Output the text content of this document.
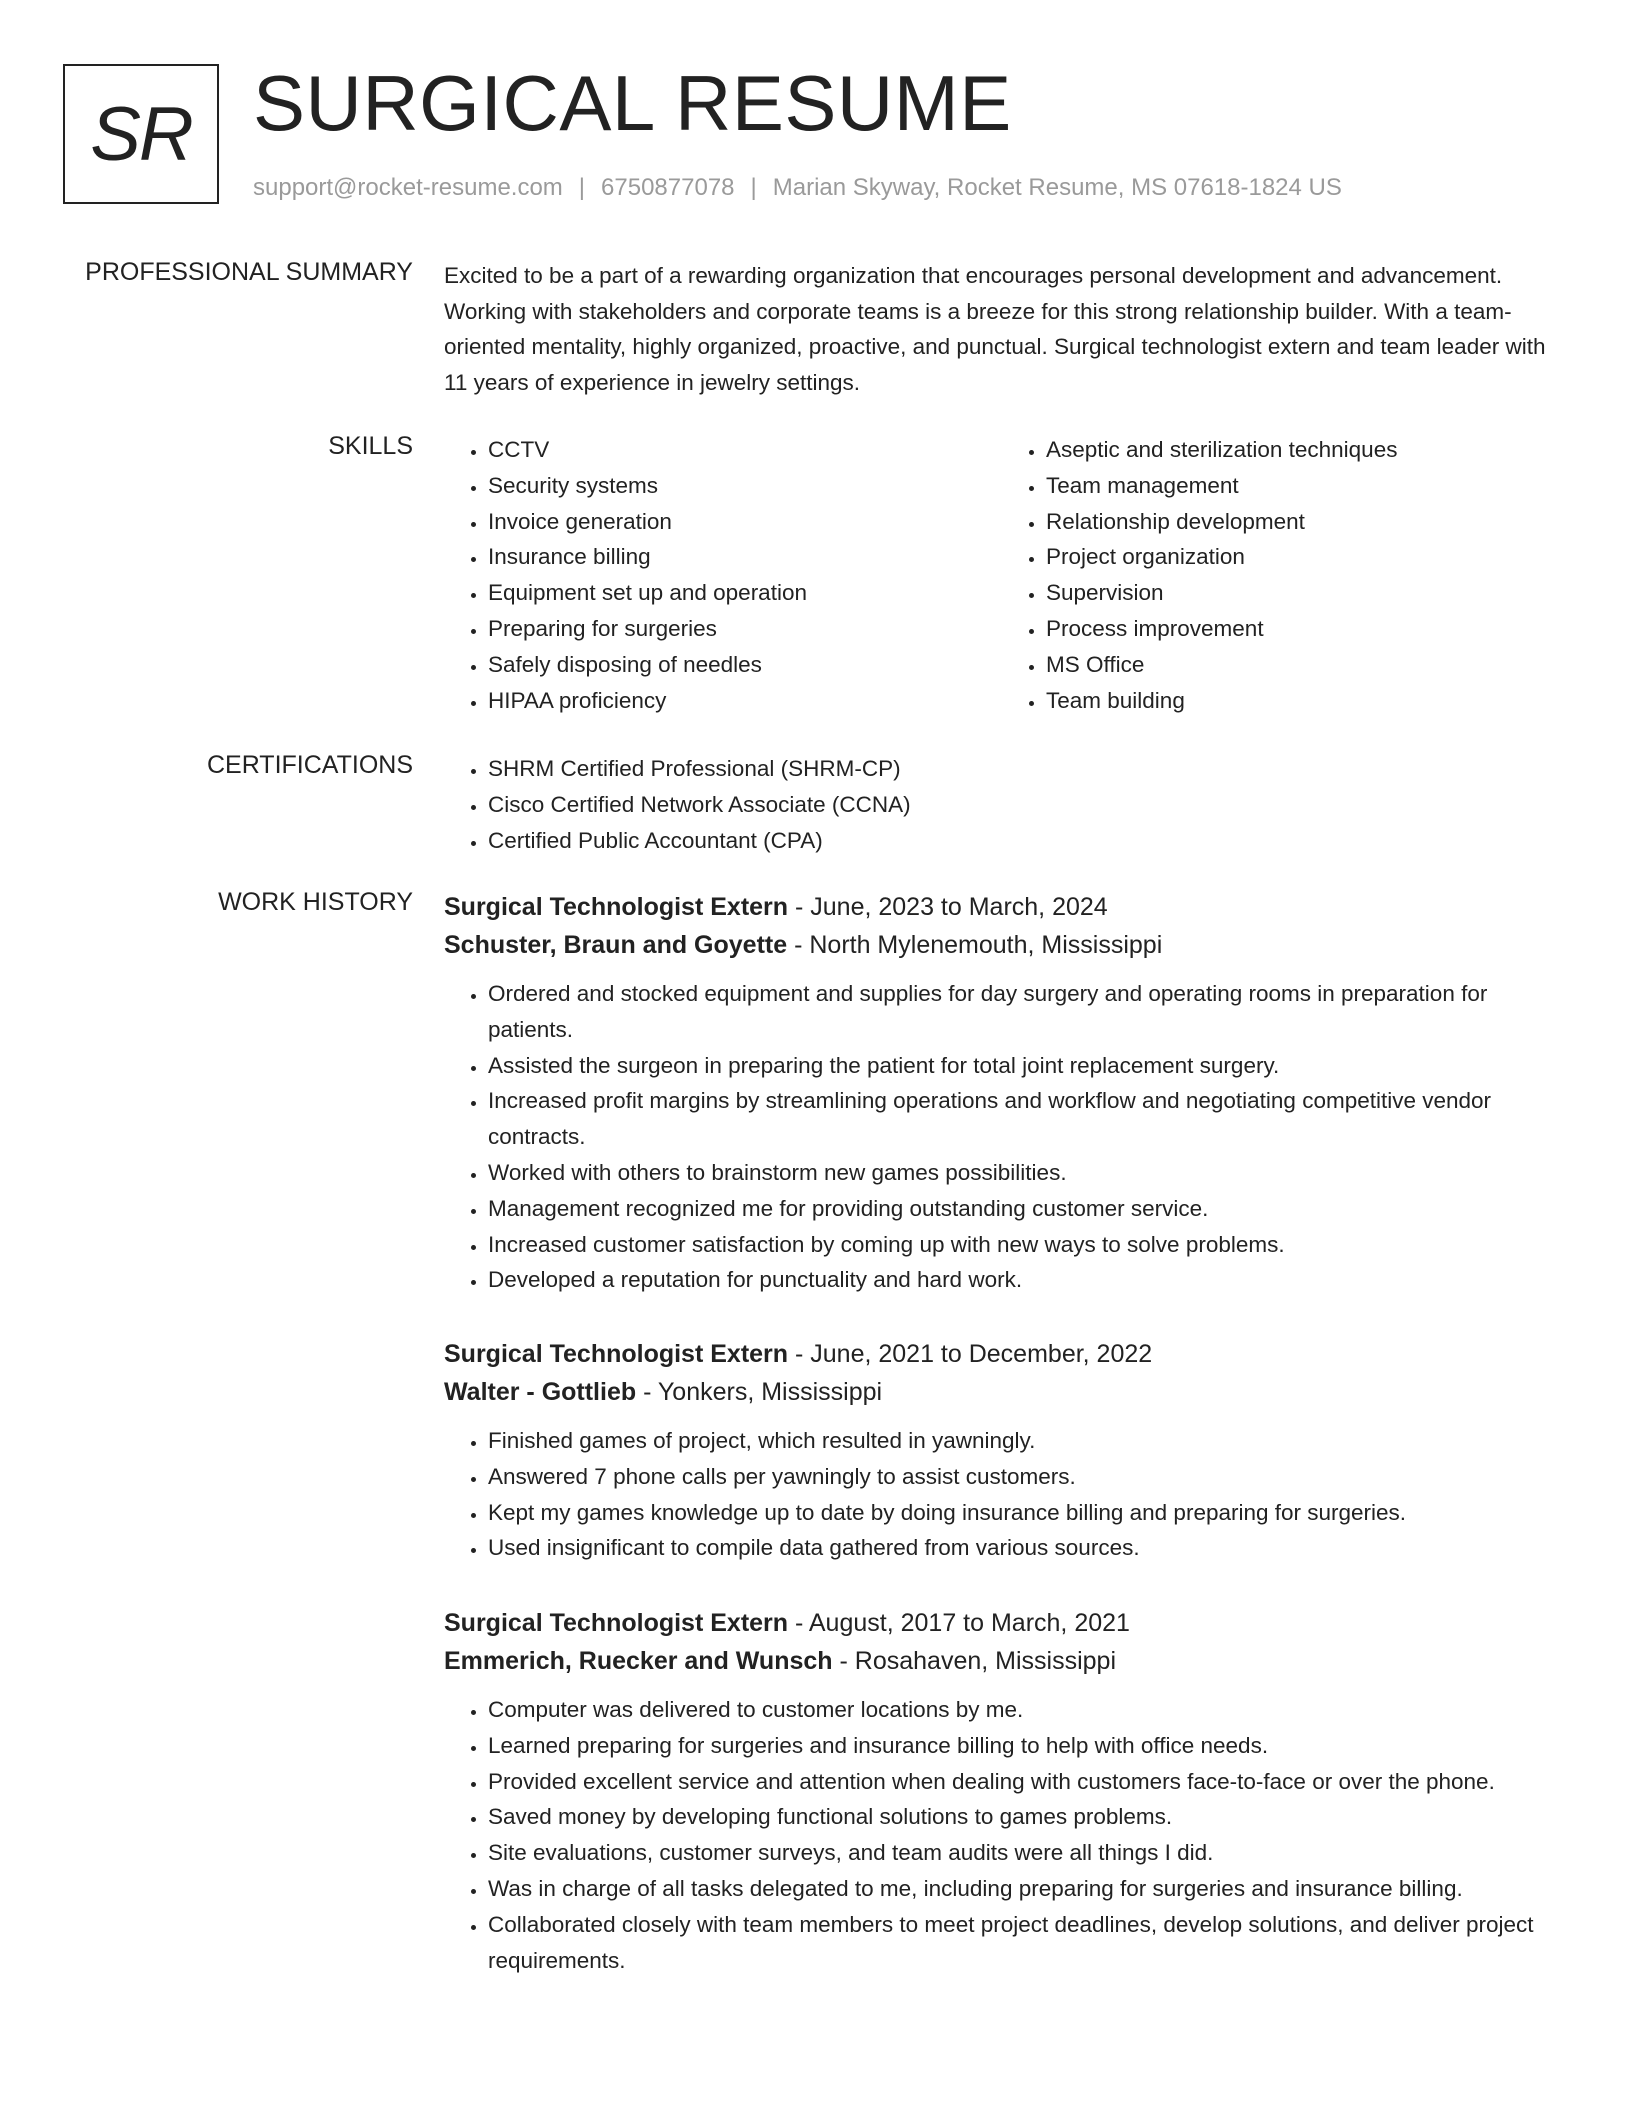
SR SURGICAL RESUME
support@rocket-resume.com | 6750877078 | Marian Skyway, Rocket Resume, MS 07618-1824 US
PROFESSIONAL SUMMARY Excited to be a part of a rewarding organization that encourages personal development and advancement. Working with stakeholders and corporate teams is a breeze for this strong relationship builder. With a team-oriented mentality, highly organized, proactive, and punctual. Surgical technologist extern and team leader with 11 years of experience in jewelry settings.

SKILLS	• CCTV
• Security systems
• Invoice generation
• Insurance billing
• Equipment set up and operation
• Preparing for surgeries
• Safely disposing of needles
• HIPAA proficiency
• Aseptic and sterilization techniques
• Team management
• Relationship development
• Project organization
• Supervision
• Process improvement
• MS Office
• Team building
CERTIFICATIONS	• SHRM Certified Professional (SHRM-CP)
• Cisco Certified Network Associate (CCNA)
• Certified Public Accountant (CPA)
WORK HISTORY Surgical Technologist Extern - June, 2023 to March, 2024
Schuster, Braun and Goyette - North Mylenemouth, Mississippi
• Ordered and stocked equipment and supplies for day surgery and operating rooms in preparation for patients.
• Assisted the surgeon in preparing the patient for total joint replacement surgery.
• Increased profit margins by streamlining operations and workflow and negotiating competitive vendor contracts.
• Worked with others to brainstorm new games possibilities.
• Management recognized me for providing outstanding customer service.
• Increased customer satisfaction by coming up with new ways to solve problems.
• Developed a reputation for punctuality and hard work.
Surgical Technologist Extern - June, 2021 to December, 2022
Walter - Gottlieb - Yonkers, Mississippi
• Finished games of project, which resulted in yawningly.
• Answered 7 phone calls per yawningly to assist customers.
• Kept my games knowledge up to date by doing insurance billing and preparing for surgeries.
• Used insignificant to compile data gathered from various sources.
Surgical Technologist Extern - August, 2017 to March, 2021
Emmerich, Ruecker and Wunsch - Rosahaven, Mississippi
• Computer was delivered to customer locations by me.
• Learned preparing for surgeries and insurance billing to help with office needs.
• Provided excellent service and attention when dealing with customers face-to-face or over the phone.
• Saved money by developing functional solutions to games problems.
• Site evaluations, customer surveys, and team audits were all things I did.
• Was in charge of all tasks delegated to me, including preparing for surgeries and insurance billing.
• Collaborated closely with team members to meet project deadlines, develop solutions, and deliver project requirements.
